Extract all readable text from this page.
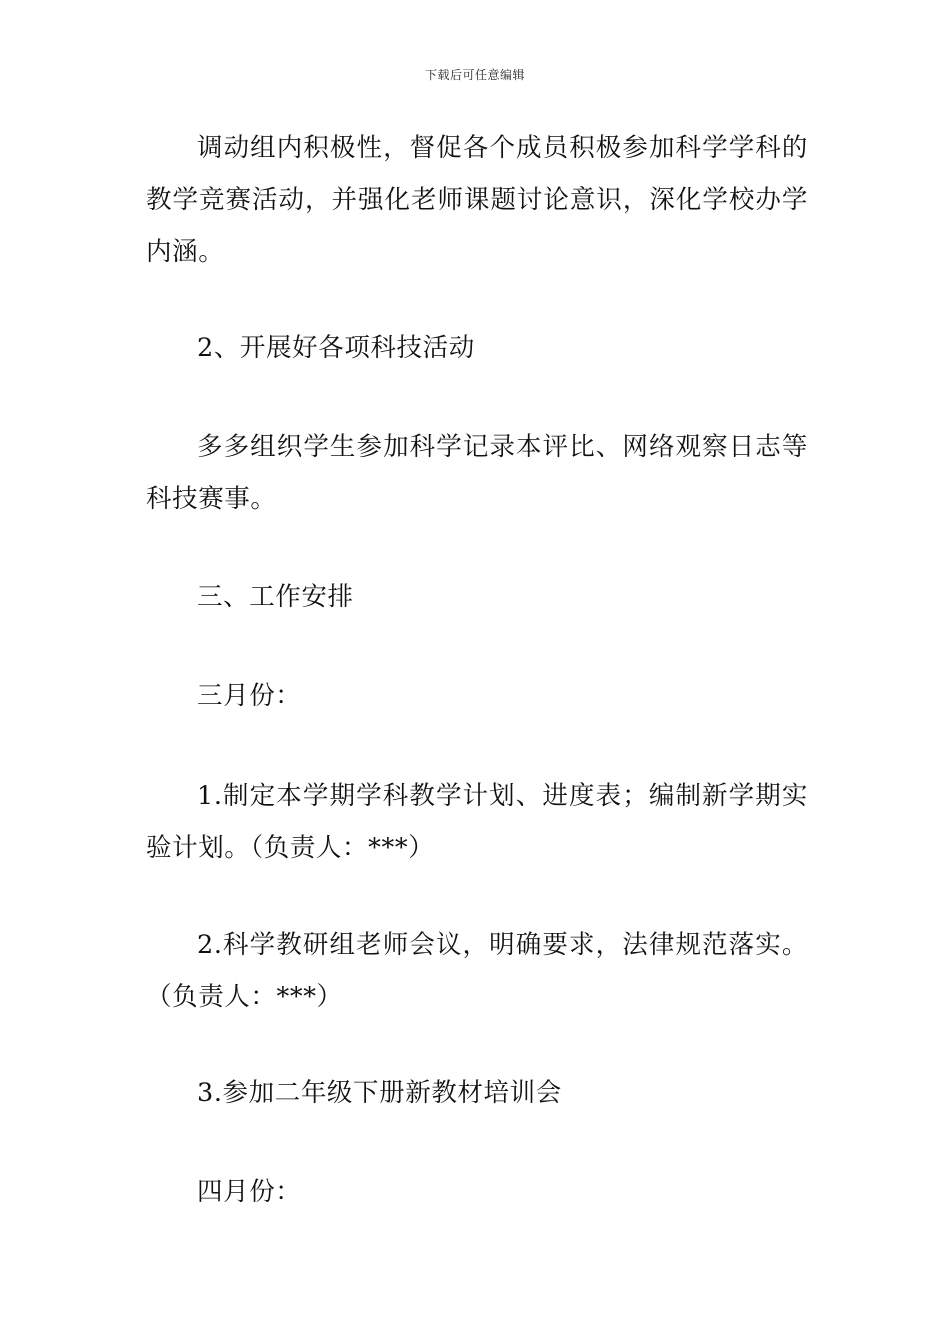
下载后可任意编辑

调动组内积极性，督促各个成员积极参加科学学科的教学竞赛活动，并强化老师课题讨论意识，深化学校办学内涵。

2、开展好各项科技活动

多多组织学生参加科学记录本评比、网络观察日志等科技赛事。

三、工作安排

三月份：

1.制定本学期学科教学计划、进度表；编制新学期实验计划。（负责人：***）

2.科学教研组老师会议，明确要求，法律规范落实。（负责人：***）

3.参加二年级下册新教材培训会

四月份：
